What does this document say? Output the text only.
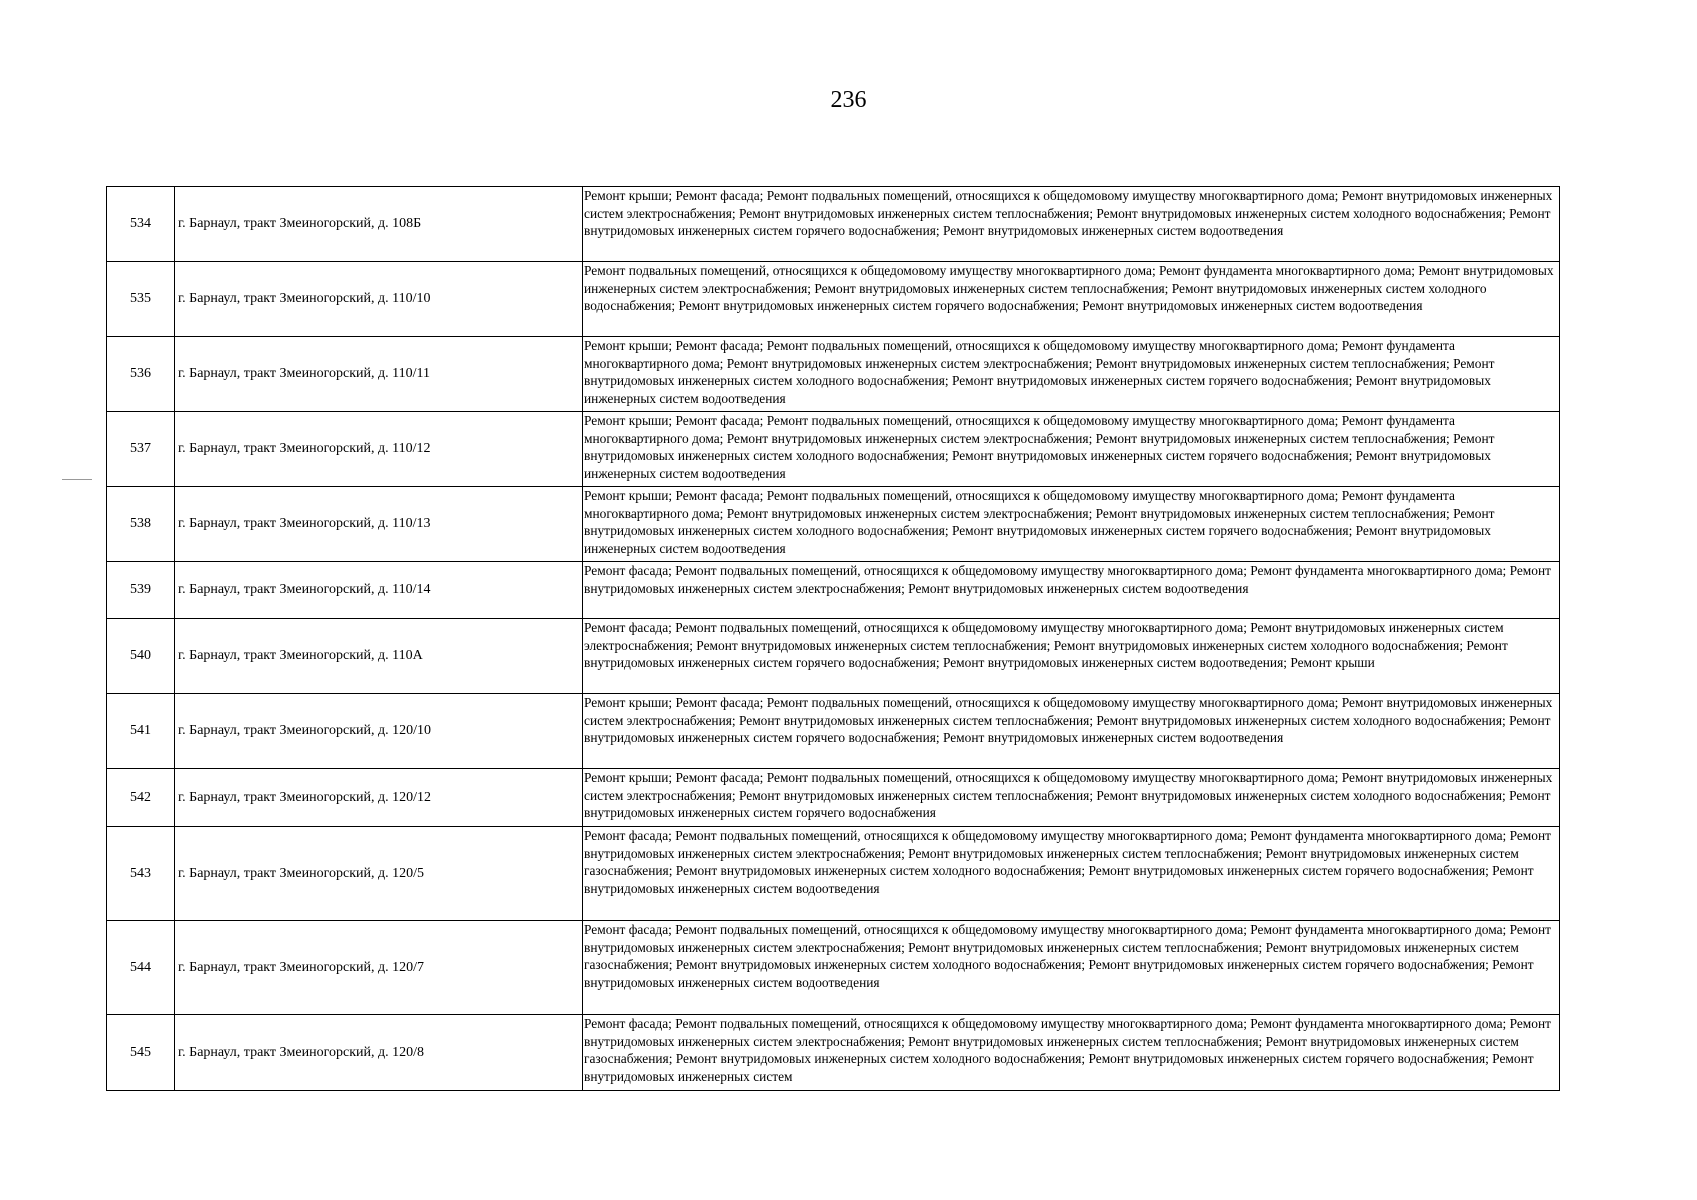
236
534	г. Барнаул, тракт Змеиногорский, д. 108Б	Ремонт крыши; Ремонт фасада; Ремонт подвальных помещений, относящихся к общедомовому имуществу многоквартирного дома; Ремонт внутридомовых инженерных систем электроснабжения; Ремонт внутридомовых инженерных систем теплоснабжения; Ремонт внутридомовых инженерных систем холодного водоснабжения; Ремонт внутридомовых инженерных систем горячего водоснабжения; Ремонт внутридомовых инженерных систем водоотведения

535	г. Барнаул, тракт Змеиногорский, д. 110/10	Ремонт подвальных помещений, относящихся к общедомовому имуществу многоквартирного дома; Ремонт фундамента многоквартирного дома; Ремонт внутридомовых инженерных систем электроснабжения; Ремонт внутридомовых инженерных систем теплоснабжения; Ремонт внутридомовых инженерных систем холодного водоснабжения; Ремонт внутридомовых инженерных систем горячего водоснабжения; Ремонт внутридомовых инженерных систем водоотведения

536	г. Барнаул, тракт Змеиногорский, д. 110/11	Ремонт крыши; Ремонт фасада; Ремонт подвальных помещений, относящихся к общедомовому имуществу многоквартирного дома; Ремонт фундамента многоквартирного дома; Ремонт внутридомовых инженерных систем электроснабжения; Ремонт внутридомовых инженерных систем теплоснабжения; Ремонт внутридомовых инженерных систем холодного водоснабжения; Ремонт внутридомовых инженерных систем горячего водоснабжения; Ремонт внутридомовых инженерных систем водоотведения

537	г. Барнаул, тракт Змеиногорский, д. 110/12	Ремонт крыши; Ремонт фасада; Ремонт подвальных помещений, относящихся к общедомовому имуществу многоквартирного дома; Ремонт фундамента многоквартирного дома; Ремонт внутридомовых инженерных систем электроснабжения; Ремонт внутридомовых инженерных систем теплоснабжения; Ремонт внутридомовых инженерных систем холодного водоснабжения; Ремонт внутридомовых инженерных систем горячего водоснабжения; Ремонт внутридомовых инженерных систем водоотведения

538	г. Барнаул, тракт Змеиногорский, д. 110/13	Ремонт крыши; Ремонт фасада; Ремонт подвальных помещений, относящихся к общедомовому имуществу многоквартирного дома; Ремонт фундамента многоквартирного дома; Ремонт внутридомовых инженерных систем электроснабжения; Ремонт внутридомовых инженерных систем теплоснабжения; Ремонт внутридомовых инженерных систем холодного водоснабжения; Ремонт внутридомовых инженерных систем горячего водоснабжения; Ремонт внутридомовых инженерных систем водоотведения

539	г. Барнаул, тракт Змеиногорский, д. 110/14	Ремонт фасада; Ремонт подвальных помещений, относящихся к общедомовому имуществу многоквартирного дома; Ремонт фундамента многоквартирного дома; Ремонт внутридомовых инженерных систем электроснабжения; Ремонт внутридомовых инженерных систем водоотведения

540	г. Барнаул, тракт Змеиногорский, д. 110А	Ремонт фасада; Ремонт подвальных помещений, относящихся к общедомовому имуществу многоквартирного дома; Ремонт внутридомовых инженерных систем электроснабжения; Ремонт внутридомовых инженерных систем теплоснабжения; Ремонт внутридомовых инженерных систем холодного водоснабжения; Ремонт внутридомовых инженерных систем горячего водоснабжения; Ремонт внутридомовых инженерных систем водоотведения; Ремонт крыши

541	г. Барнаул, тракт Змеиногорский, д. 120/10	Ремонт крыши; Ремонт фасада; Ремонт подвальных помещений, относящихся к общедомовому имуществу многоквартирного дома; Ремонт внутридомовых инженерных систем электроснабжения; Ремонт внутридомовых инженерных систем теплоснабжения; Ремонт внутридомовых инженерных систем холодного водоснабжения; Ремонт внутридомовых инженерных систем горячего водоснабжения; Ремонт внутридомовых инженерных систем водоотведения

542	г. Барнаул, тракт Змеиногорский, д. 120/12	Ремонт крыши; Ремонт фасада; Ремонт подвальных помещений, относящихся к общедомовому имуществу многоквартирного дома; Ремонт внутридомовых инженерных систем электроснабжения; Ремонт внутридомовых инженерных систем теплоснабжения; Ремонт внутридомовых инженерных систем холодного водоснабжения; Ремонт внутридомовых инженерных систем горячего водоснабжения

543	г. Барнаул, тракт Змеиногорский, д. 120/5	Ремонт фасада; Ремонт подвальных помещений, относящихся к общедомовому имуществу многоквартирного дома; Ремонт фундамента многоквартирного дома; Ремонт внутридомовых инженерных систем электроснабжения; Ремонт внутридомовых инженерных систем теплоснабжения; Ремонт внутридомовых инженерных систем газоснабжения; Ремонт внутридомовых инженерных систем холодного водоснабжения; Ремонт внутридомовых инженерных систем горячего водоснабжения; Ремонт внутридомовых инженерных систем водоотведения

544	г. Барнаул, тракт Змеиногорский, д. 120/7	Ремонт фасада; Ремонт подвальных помещений, относящихся к общедомовому имуществу многоквартирного дома; Ремонт фундамента многоквартирного дома; Ремонт внутридомовых инженерных систем электроснабжения; Ремонт внутридомовых инженерных систем теплоснабжения; Ремонт внутридомовых инженерных систем газоснабжения; Ремонт внутридомовых инженерных систем холодного водоснабжения; Ремонт внутридомовых инженерных систем горячего водоснабжения; Ремонт внутридомовых инженерных систем водоотведения

545	г. Барнаул, тракт Змеиногорский, д. 120/8	Ремонт фасада; Ремонт подвальных помещений, относящихся к общедомовому имуществу многоквартирного дома; Ремонт фундамента многоквартирного дома; Ремонт внутридомовых инженерных систем электроснабжения; Ремонт внутридомовых инженерных систем теплоснабжения; Ремонт внутридомовых инженерных систем газоснабжения; Ремонт внутридомовых инженерных систем холодного водоснабжения; Ремонт внутридомовых инженерных систем горячего водоснабжения; Ремонт внутридомовых инженерных систем
